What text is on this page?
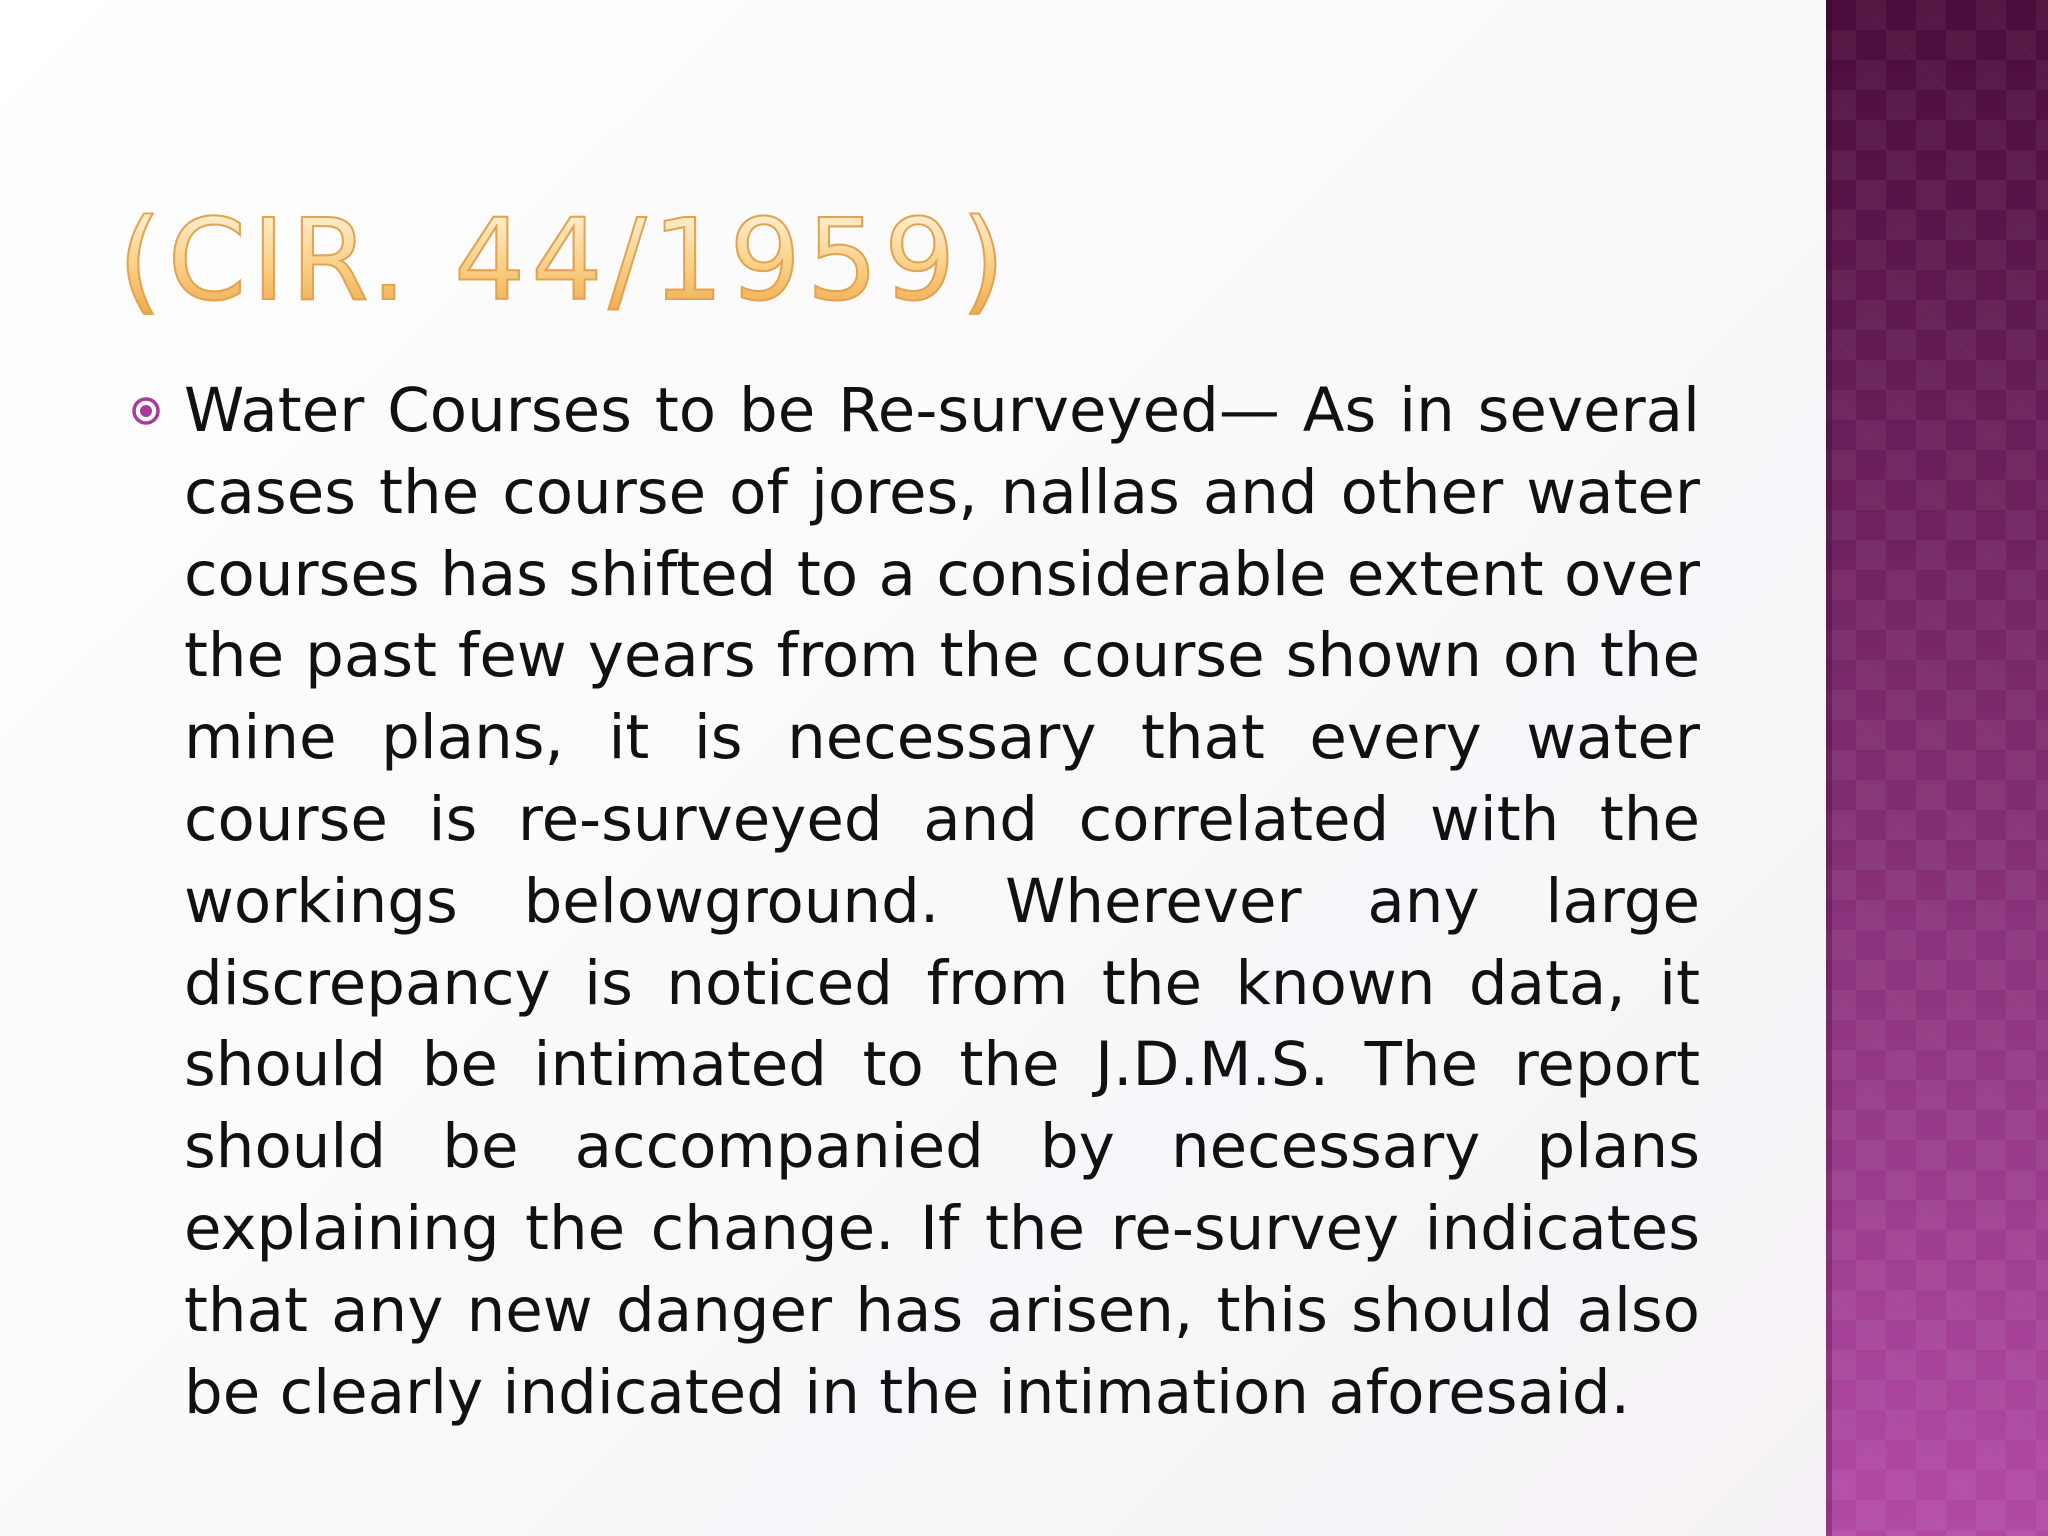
(CIR. 44/1959)

Water Courses to be Re-surveyed— As in several cases the course of jores, nallas and other water courses has shifted to a considerable extent over the past few years from the course shown on the mine plans, it is necessary that every water course is re-surveyed and correlated with the workings belowground. Wherever any large discrepancy is noticed from the known data, it should be intimated to the J.D.M.S. The report should be accompanied by necessary plans explaining the change. If the re-survey indicates that any new danger has arisen, this should also be clearly indicated in the intimation aforesaid.
